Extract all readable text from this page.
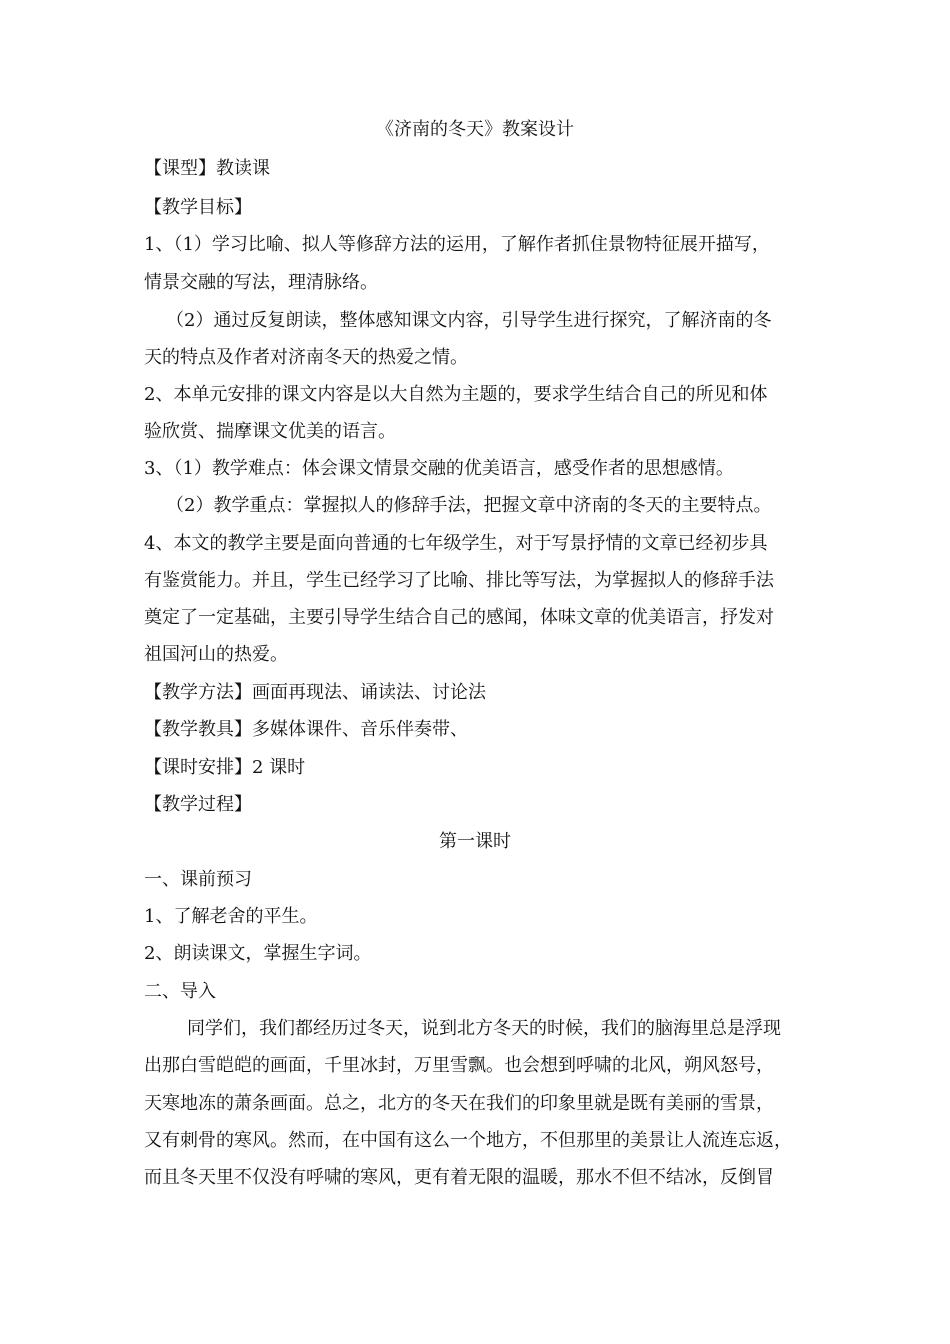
《济南的冬天》教案设计
【课型】教读课
【教学目标】
1、（1）学习比喻、拟人等修辞方法的运用，了解作者抓住景物特征展开描写，
情景交融的写法，理清脉络。
（2）通过反复朗读，整体感知课文内容，引导学生进行探究，了解济南的冬
天的特点及作者对济南冬天的热爱之情。
2、本单元安排的课文内容是以大自然为主题的，要求学生结合自己的所见和体
验欣赏、揣摩课文优美的语言。
3、（1）教学难点：体会课文情景交融的优美语言，感受作者的思想感情。
（2）教学重点：掌握拟人的修辞手法，把握文章中济南的冬天的主要特点。
4、本文的教学主要是面向普通的七年级学生，对于写景抒情的文章已经初步具
有鉴赏能力。并且，学生已经学习了比喻、排比等写法，为掌握拟人的修辞手法
奠定了一定基础，主要引导学生结合自己的感闻，体味文章的优美语言，抒发对
祖国河山的热爱。
【教学方法】画面再现法、诵读法、讨论法
【教学教具】多媒体课件、音乐伴奏带、
【课时安排】2 课时
【教学过程】
第一课时
一、课前预习
1、了解老舍的平生。
2、朗读课文，掌握生字词。
二、导入
同学们，我们都经历过冬天，说到北方冬天的时候，我们的脑海里总是浮现
出那白雪皑皑的画面，千里冰封，万里雪飘。也会想到呼啸的北风，朔风怒号，
天寒地冻的萧条画面。总之，北方的冬天在我们的印象里就是既有美丽的雪景，
又有刺骨的寒风。然而，在中国有这么一个地方，不但那里的美景让人流连忘返，
而且冬天里不仅没有呼啸的寒风，更有着无限的温暖，那水不但不结冰，反倒冒
